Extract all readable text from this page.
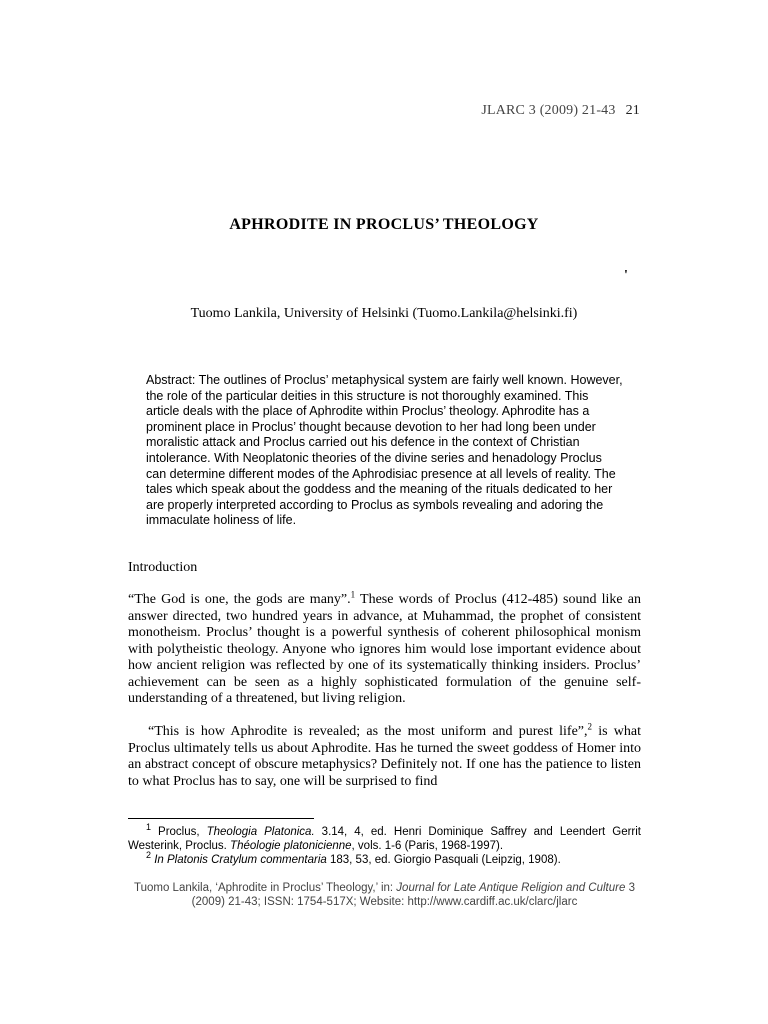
JLARC 3 (2009) 21-43 21
APHRODITE IN PROCLUS’ THEOLOGY
'
Tuomo Lankila, University of Helsinki (Tuomo.Lankila@helsinki.fi)
Abstract: The outlines of Proclus’ metaphysical system are fairly well known. However, the role of the particular deities in this structure is not thoroughly examined. This article deals with the place of Aphrodite within Proclus’ theology. Aphrodite has a prominent place in Proclus’ thought because devotion to her had long been under moralistic attack and Proclus carried out his defence in the context of Christian intolerance. With Neoplatonic theories of the divine series and henadology Proclus can determine different modes of the Aphrodisiac presence at all levels of reality. The tales which speak about the goddess and the meaning of the rituals dedicated to her are properly interpreted according to Proclus as symbols revealing and adoring the immaculate holiness of life.
Introduction
“The God is one, the gods are many”.$^1$ These words of Proclus (412-485) sound like an answer directed, two hundred years in advance, at Muhammad, the prophet of consistent monotheism. Proclus’ thought is a powerful synthesis of coherent philosophical monism with polytheistic theology. Anyone who ignores him would lose important evidence about how ancient religion was reflected by one of its systematically thinking insiders. Proclus’ achievement can be seen as a highly sophisticated formulation of the genuine self-understanding of a threatened, but living religion.
“This is how Aphrodite is revealed; as the most uniform and purest life”,$^2$ is what Proclus ultimately tells us about Aphrodite. Has he turned the sweet goddess of Homer into an abstract concept of obscure metaphysics? Definitely not. If one has the patience to listen to what Proclus has to say, one will be surprised to find
$^1$ Proclus, Theologia Platonica. 3.14, 4, ed. Henri Dominique Saffrey and Leendert Gerrit Westerink, Proclus. Théologie platonicienne, vols. 1-6 (Paris, 1968-1997).
$^2$ In Platonis Cratylum commentaria 183, 53, ed. Giorgio Pasquali (Leipzig, 1908).
Tuomo Lankila, ‘Aphrodite in Proclus’ Theology,’ in: Journal for Late Antique Religion and Culture 3 (2009) 21-43; ISSN: 1754-517X; Website: http://www.cardiff.ac.uk/clarc/jlarc
